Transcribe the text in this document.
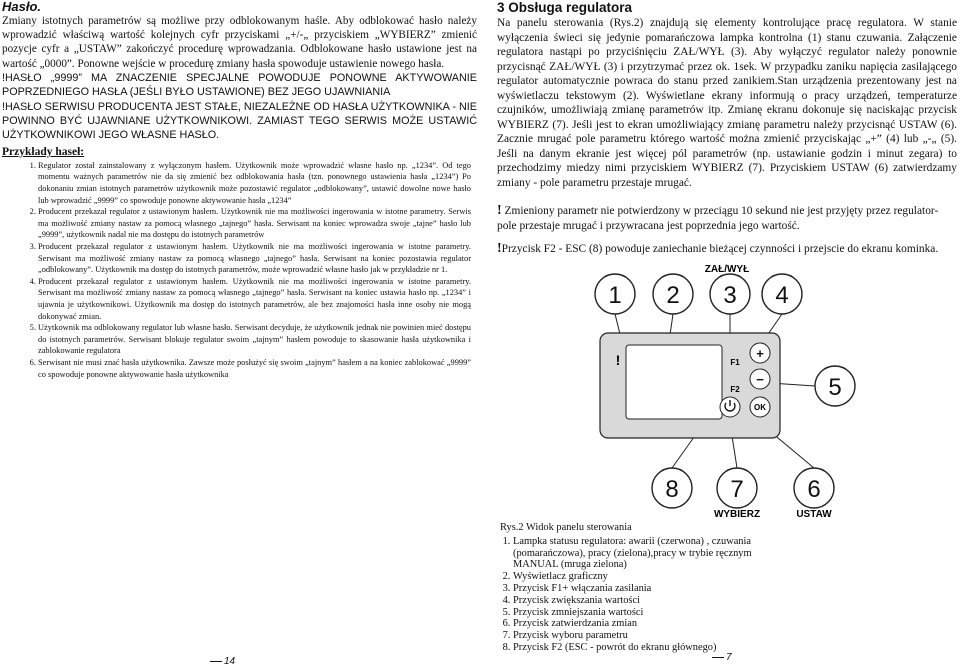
Hasło.

Zmiany istotnych parametrów są możliwe przy odblokowanym haśle. Aby odblokować hasło należy wprowadzić właściwą wartość kolejnych cyfr przyciskami „+/-„ przyciskiem „WYBIERZ” zmienić pozycje cyfr a „USTAW” zakończyć procedurę wprowadzania. Odblokowane hasło ustawione jest na wartość „0000”. Ponowne wejście w procedurę zmiany hasła spowoduje ustawienie nowego hasła.

!HASŁO „9999” MA ZNACZENIE SPECJALNE POWODUJE PONOWNE AKTYWOWANIE POPRZEDNIEGO HASŁA (JEŚLI BYŁO USTAWIONE) BEZ JEGO UJAWNIANIA

!HASŁO SERWISU PRODUCENTA JEST STAŁE, NIEZALEŻNE OD HASŁA UŻYTKOWNIKA - NIE POWINNO BYĆ UJAWNIANE UŻYTKOWNIKOWI. ZAMIAST TEGO SERWIS MOŻE USTAWIĆ UŻYTKOWNIKOWI JEGO WŁASNE HASŁO.

Przykłady haseł:

1. Regulator został zainstalowany z wyłączonym hasłem. Użytkownik może wprowadzić własne hasło np. „1234”. Od tego momentu ważnych parametrów nie da się zmienić bez odblokowania hasła (tzn. ponownego ustawienia hasła „1234”) Po dokonaniu zmian istotnych parametrów użytkownik może pozostawić regulator „odblokowany”, ustawić dowolne nowe hasło lub wprowadzić „9999” co spowoduje ponowne aktywowanie hasła „1234”
2. Producent przekazał regulator z ustawionym hasłem. Użytkownik nie ma możliwości ingerowania w istotne parametry. Serwis ma możliwość zmiany nastaw za pomocą własnego „tajnego” hasła. Serwisant na koniec wprowadza swoje „tajne” hasło lub „9999”, użytkownik nadal nie ma dostępu do istotnych parametrów
3. Producent przekazał regulator z ustawionym hasłem. Użytkownik nie ma możliwości ingerowania w istotne parametry. Serwisant ma możliwość zmiany nastaw za pomocą własnego „tajnego” hasła. Serwisant na koniec pozostawia regulator „odblokowany”. Użytkownik ma dostęp do istotnych parametrów, może wprowadzić własne hasło jak w przykładzie nr 1.
4. Producent przekazał regulator z ustawionym hasłem. Użytkownik nie ma możliwości ingerowania w istotne parametry. Serwisant ma możliwość zmiany nastaw za pomocą własnego „tajnego” hasła. Serwisant na koniec ustawia hasło np. „1234” i ujawnia je użytkownikowi. Użytkownik ma dostęp do istotnych parametrów, ale bez znajomości hasła inne osoby nie mogą dokonywać zmian.
5. Użytkownik ma odblokowany regulator lub własne hasło. Serwisant decyduje, że użytkownik jednak nie powinien mieć dostępu do istotnych parametrów. Serwisant blokuje regulator swoim „tajnym” hasłem powoduje to skasowanie hasła użytkownika i zablokowanie regulatora
6. Serwisant nie musi znać hasła użytkownika. Zawsze może posłużyć się swoim „tajnym” hasłem a na koniec zablokować „9999” co spowoduje ponowne aktywowanie hasła użytkownika
14

3 Obsługa regulatora

Na panelu sterowania (Rys.2) znajdują się elementy kontrolujące pracę regulatora. W stanie wyłączenia świeci się jedynie pomarańczowa lampka kontrolna (1) stanu czuwania. Załączenie regulatora nastąpi po przyciśnięciu ZAŁ/WYŁ (3). Aby wyłączyć regulator należy ponownie przycisnąć ZAŁ/WYŁ (3) i przytrzymać przez ok. 1sek. W przypadku zaniku napięcia zasilającego regulator automatycznie powraca do stanu przed zanikiem.Stan urządzenia prezentowany jest na wyświetlaczu tekstowym (2). Wyświetlane ekrany informują o pracy urządzeń, temperaturze czujników, umożliwiają zmianę parametrów itp. Zmianę ekranu dokonuje się naciskając przycisk WYBIERZ (7). Jeśli jest to ekran umożliwiający zmianę parametru należy przycisnąć USTAW (6). Zacznie mrugać pole parametru którego wartość można zmienić przyciskając „+” (4) lub „-„ (5). Jeśli na danym ekranie jest więcej pól parametrów (np. ustawianie godzin i minut zegara) to przechodzimy miedzy nimi przyciskiem WYBIERZ (7). Przyciskiem USTAW (6) zatwierdzamy zmiany - pole parametru przestaje mrugać.

! Zmieniony parametr nie potwierdzony w przeciągu 10 sekund nie jest przyjęty przez regulator- pole przestaje mrugać i przywracana jest poprzednia jego wartość.

!Przycisk F2 - ESC (8) powoduje zaniechanie bieżącej czynności i przejscie do ekranu kominka.

ZAŁ/WYŁ
1 2 3 4
5
8 7	6
!	+
−
OK
F1
F2
WYBIERZ	USTAW

Rys.2 Widok panelu sterowania

1. Lampka statusu regulatora: awarii (czerwona) , czuwania (pomarańczowa), pracy (zielona),pracy w trybie ręcznym MANUAL (mruga zielona)
2. Wyświetlacz graficzny
3. Przycisk F1+ włączania zasilania
4. Przycisk zwiększania wartości
5. Przycisk zmniejszania wartości
6. Przycisk zatwierdzania zmian
7. Przycisk wyboru parametru
8. Przycisk F2 (ESC - powrót do ekranu głównego)
7
